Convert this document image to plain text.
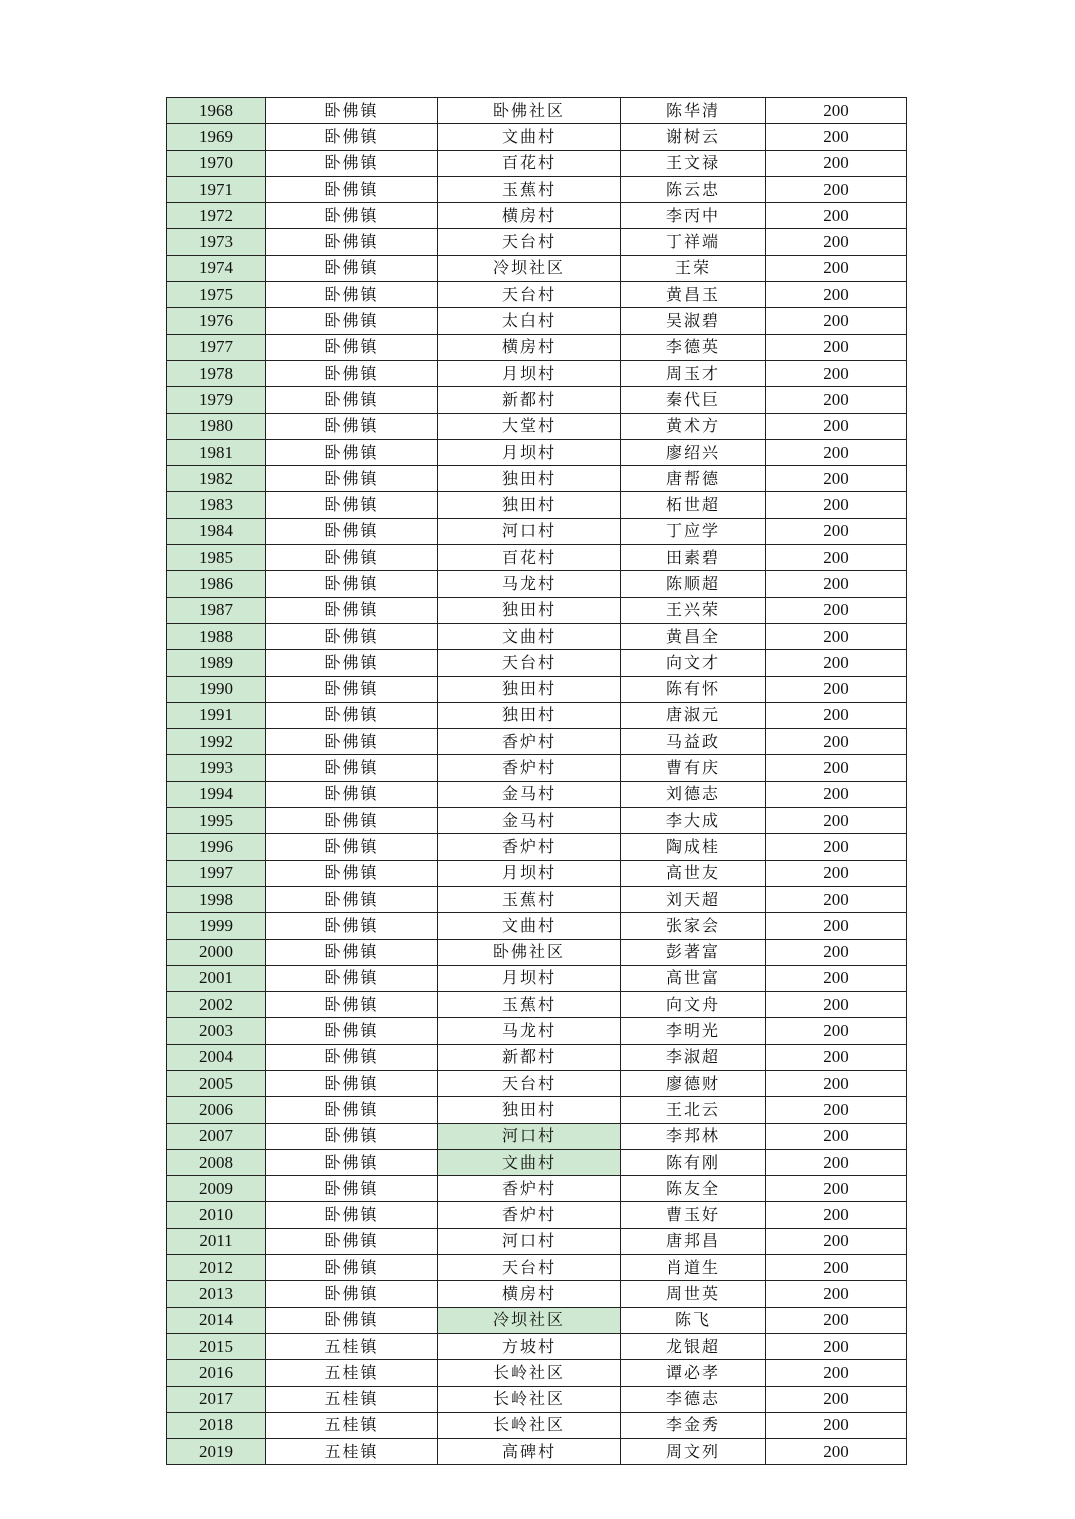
1968	卧佛镇	卧佛社区	陈华清	200
1969	卧佛镇	文曲村	谢树云	200
1970	卧佛镇	百花村	王文禄	200
1971	卧佛镇	玉蕉村	陈云忠	200
1972	卧佛镇	横房村	李丙中	200
1973	卧佛镇	天台村	丁祥端	200
1974	卧佛镇	冷坝社区	王荣	200
1975	卧佛镇	天台村	黄昌玉	200
1976	卧佛镇	太白村	吴淑碧	200
1977	卧佛镇	横房村	李德英	200
1978	卧佛镇	月坝村	周玉才	200
1979	卧佛镇	新都村	秦代巨	200
1980	卧佛镇	大堂村	黄术方	200
1981	卧佛镇	月坝村	廖绍兴	200
1982	卧佛镇	独田村	唐帮德	200
1983	卧佛镇	独田村	柘世超	200
1984	卧佛镇	河口村	丁应学	200
1985	卧佛镇	百花村	田素碧	200
1986	卧佛镇	马龙村	陈顺超	200
1987	卧佛镇	独田村	王兴荣	200
1988	卧佛镇	文曲村	黄昌全	200
1989	卧佛镇	天台村	向文才	200
1990	卧佛镇	独田村	陈有怀	200
1991	卧佛镇	独田村	唐淑元	200
1992	卧佛镇	香炉村	马益政	200
1993	卧佛镇	香炉村	曹有庆	200
1994	卧佛镇	金马村	刘德志	200
1995	卧佛镇	金马村	李大成	200
1996	卧佛镇	香炉村	陶成桂	200
1997	卧佛镇	月坝村	高世友	200
1998	卧佛镇	玉蕉村	刘天超	200
1999	卧佛镇	文曲村	张家会	200
2000	卧佛镇	卧佛社区	彭著富	200
2001	卧佛镇	月坝村	高世富	200
2002	卧佛镇	玉蕉村	向文舟	200
2003	卧佛镇	马龙村	李明光	200
2004	卧佛镇	新都村	李淑超	200
2005	卧佛镇	天台村	廖德财	200
2006	卧佛镇	独田村	王北云	200
2007	卧佛镇	河口村	李邦林	200
2008	卧佛镇	文曲村	陈有刚	200
2009	卧佛镇	香炉村	陈友全	200
2010	卧佛镇	香炉村	曹玉好	200
2011	卧佛镇	河口村	唐邦昌	200
2012	卧佛镇	天台村	肖道生	200
2013	卧佛镇	横房村	周世英	200
2014	卧佛镇	冷坝社区	陈飞	200
2015	五桂镇	方坡村	龙银超	200
2016	五桂镇	长岭社区	谭必孝	200
2017	五桂镇	长岭社区	李德志	200
2018	五桂镇	长岭社区	李金秀	200
2019	五桂镇	高碑村	周文列	200
